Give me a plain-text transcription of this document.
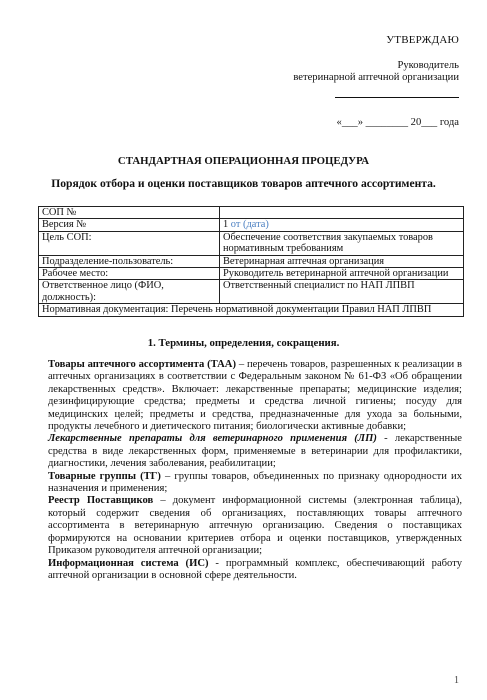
УТВЕРЖДАЮ
Руководитель
ветеринарной аптечной организации
«___» ________ 20___ года
СТАНДАРТНАЯ ОПЕРАЦИОННАЯ ПРОЦЕДУРА
Порядок отбора и оценки поставщиков товаров аптечного ассортимента.
СОП №	
Версия №	1 от (дата)
Цель СОП:	Обеспечение соответствия закупаемых товаров нормативным требованиям
Подразделение-пользователь:	Ветеринарная аптечная организация
Рабочее место:	Руководитель ветеринарной аптечной организации
Ответственное лицо (ФИО, должность):	Ответственный специалист по НАП ЛПВП
Нормативная документация: Перечень нормативной документации Правил НАП ЛПВП	
1. Термины, определения, сокращения.

Товары аптечного ассортимента (ТАА) – перечень товаров, разрешенных к реализации в аптечных организациях в соответствии с Федеральным законом № 61-ФЗ «Об обращении лекарственных средств». Включает: лекарственные препараты; медицинские изделия; дезинфицирующие средства; предметы и средства личной гигиены; посуду для медицинских целей; предметы и средства, предназначенные для ухода за больными, продукты лечебного и диетического питания; биологически активные добавки;

Лекарственные препараты для ветеринарного применения (ЛП) - лекарственные средства в виде лекарственных форм, применяемые в ветеринарии для профилактики, диагностики, лечения заболевания, реабилитации;

Товарные группы (ТГ) – группы товаров, объединенных по признаку однородности их назначения и применения;

Реестр Поставщиков – документ информационной системы (электронная таблица), который содержит сведения об организациях, поставляющих товары аптечного ассортимента в ветеринарную аптечную организацию. Сведения о поставщиках формируются на основании критериев отбора и оценки поставщиков, утвержденных Приказом руководителя аптечной организации;

Информационная система (ИС) - программный комплекс, обеспечивающий работу аптечной организации в основной сфере деятельности.

1
